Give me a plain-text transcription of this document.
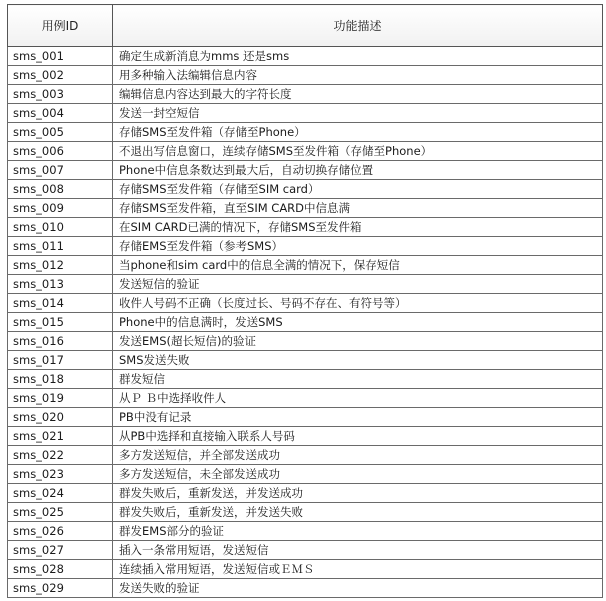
用例ID	功能描述
sms_001	确定生成新消息为mms 还是sms
sms_002	用多种输入法编辑信息内容
sms_003	编辑信息内容达到最大的字符长度
sms_004	发送一封空短信
sms_005	存储SMS至发件箱（存储至Phone）
sms_006	不退出写信息窗口，连续存储SMS至发件箱（存储至Phone）
sms_007	Phone中信息条数达到最大后，自动切换存储位置
sms_008	存储SMS至发件箱（存储至SIM card）
sms_009	存储SMS至发件箱，直至SIM CARD中信息满
sms_010	在SIM CARD已满的情况下，存储SMS至发件箱
sms_011	存储EMS至发件箱（参考SMS）
sms_012	当phone和sim card中的信息全满的情况下，保存短信
sms_013	发送短信的验证
sms_014	收件人号码不正确（长度过长、号码不存在、有符号等）
sms_015	Phone中的信息满时，发送SMS
sms_016	发送EMS(超长短信)的验证
sms_017	SMS发送失败
sms_018	群发短信
sms_019	从Ｐ Ｂ中选择收件人
sms_020	PB中没有记录
sms_021	从PB中选择和直接输入联系人号码
sms_022	多方发送短信，并全部发送成功
sms_023	多方发送短信，未全部发送成功
sms_024	群发失败后，重新发送，并发送成功
sms_025	群发失败后，重新发送，并发送失败
sms_026	群发EMS部分的验证
sms_027	插入一条常用短语，发送短信
sms_028	连续插入常用短语，发送短信或ＥＭＳ
sms_029	发送失败的验证
